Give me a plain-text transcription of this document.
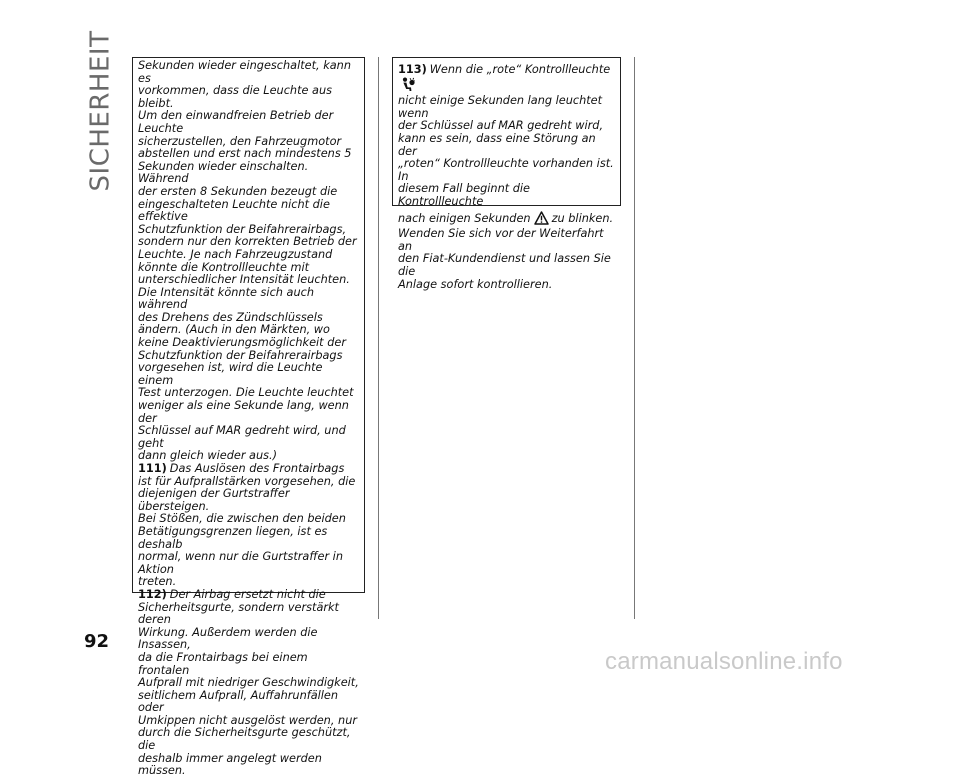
SICHERHEIT Sekunden wieder eingeschaltet, kann es

vorkommen, dass die Leuchte aus bleibt.

Um den einwandfreien Betrieb der Leuchte

sicherzustellen, den Fahrzeugmotor

abstellen und erst nach mindestens 5

Sekunden wieder einschalten. Während

der ersten 8 Sekunden bezeugt die

eingeschalteten Leuchte nicht die effektive

Schutzfunktion der Beifahrerairbags,

sondern nur den korrekten Betrieb der

Leuchte. Je nach Fahrzeugzustand

könnte die Kontrollleuchte mit

unterschiedlicher Intensität leuchten.

Die Intensität könnte sich auch während

des Drehens des Zündschlüssels

ändern. (Auch in den Märkten, wo

keine Deaktivierungsmöglichkeit der

Schutzfunktion der Beifahrerairbags

vorgesehen ist, wird die Leuchte einem

Test unterzogen. Die Leuchte leuchtet

weniger als eine Sekunde lang, wenn der

Schlüssel auf MAR gedreht wird, und geht

dann gleich wieder aus.)

111) Das Auslösen des Frontairbags

ist für Aufprallstärken vorgesehen, die

diejenigen der Gurtstraffer übersteigen.

Bei Stößen, die zwischen den beiden

Betätigungsgrenzen liegen, ist es deshalb

normal, wenn nur die Gurtstraffer in Aktion

treten.

112) Der Airbag ersetzt nicht die

Sicherheitsgurte, sondern verstärkt deren

Wirkung. Außerdem werden die Insassen,

da die Frontairbags bei einem frontalen

Aufprall mit niedriger Geschwindigkeit,

seitlichem Aufprall, Auffahrunfällen oder

Umkippen nicht ausgelöst werden, nur

durch die Sicherheitsgurte geschützt, die

deshalb immer angelegt werden müssen.

113) Wenn die „rote“ Kontrollleuchte

nicht einige Sekunden lang leuchtet wenn

der Schlüssel auf MAR gedreht wird,

kann es sein, dass eine Störung an der

„roten“ Kontrollleuchte vorhanden ist. In

diesem Fall beginnt die Kontrollleuchte

nach einigen Sekunden zu blinken.

Wenden Sie sich vor der Weiterfahrt an

den Fiat-Kundendienst und lassen Sie die

Anlage sofort kontrollieren.

92
carmanualsonline.info
